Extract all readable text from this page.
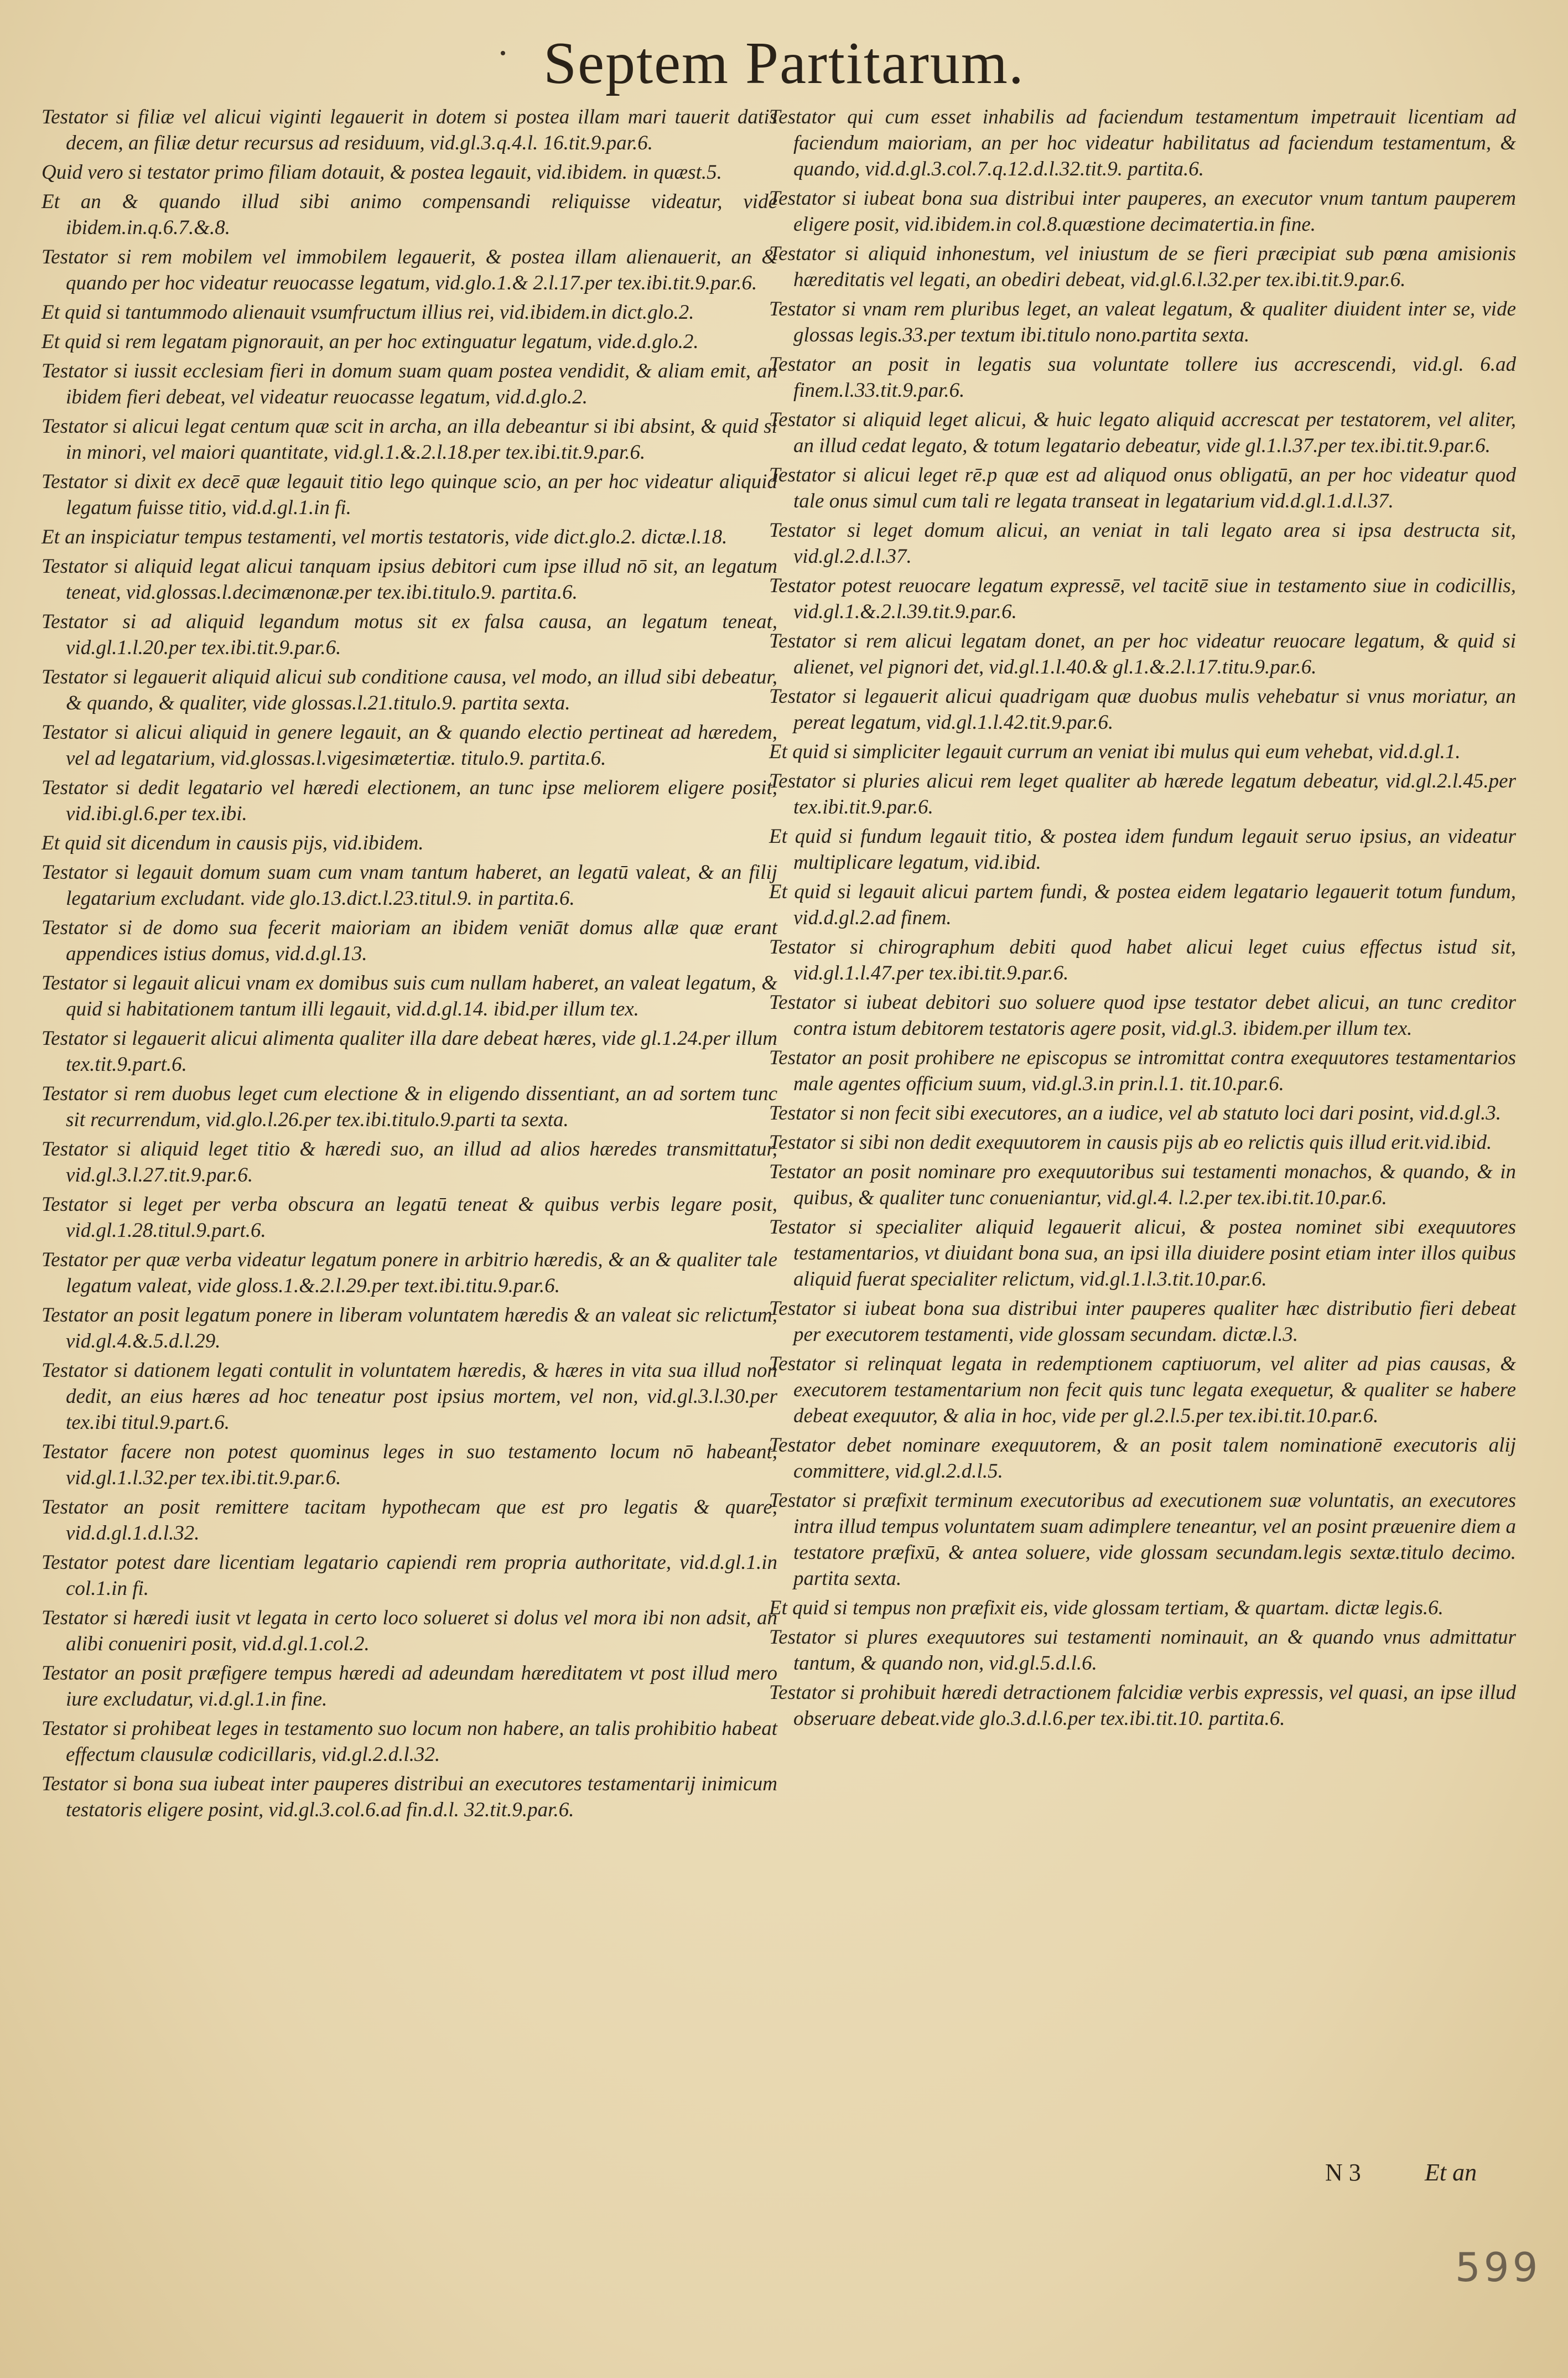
Septem Partitarum.

Testator si filiæ vel alicui viginti legauerit in dotem si postea illam mari tauerit datis decem, an filiæ detur recursus ad residuum, vid.gl.3.q.4.l. 16.tit.9.par.6.

Quid vero si testator primo filiam dotauit, & postea legauit, vid.ibidem. in quæst.5.

Et an & quando illud sibi animo compensandi reliquisse videatur, vide ibidem.in.q.6.7.&.8.

Testator si rem mobilem vel immobilem legauerit, & postea illam alienauerit, an & quando per hoc videatur reuocasse legatum, vid.glo.1.& 2.l.17.per tex.ibi.tit.9.par.6.

Et quid si tantummodo alienauit vsumfructum illius rei, vid.ibidem.in dict.glo.2.

Et quid si rem legatam pignorauit, an per hoc extinguatur legatum, vide.d.glo.2.

Testator si iussit ecclesiam fieri in domum suam quam postea vendidit, & aliam emit, an ibidem fieri debeat, vel videatur reuocasse legatum, vid.d.glo.2.

Testator si alicui legat centum quæ scit in archa, an illa debeantur si ibi absint, & quid si in minori, vel maiori quantitate, vid.gl.1.&.2.l.18.per tex.ibi.tit.9.par.6.

Testator si dixit ex decē quæ legauit titio lego quinque scio, an per hoc videatur aliquid legatum fuisse titio, vid.d.gl.1.in fi.

Et an inspiciatur tempus testamenti, vel mortis testatoris, vide dict.glo.2. dictæ.l.18.

Testator si aliquid legat alicui tanquam ipsius debitori cum ipse illud nō sit, an legatum teneat, vid.glossas.l.decimænonæ.per tex.ibi.titulo.9. partita.6.

Testator si ad aliquid legandum motus sit ex falsa causa, an legatum teneat, vid.gl.1.l.20.per tex.ibi.tit.9.par.6.

Testator si legauerit aliquid alicui sub conditione causa, vel modo, an illud sibi debeatur, & quando, & qualiter, vide glossas.l.21.titulo.9. partita sexta.

Testator si alicui aliquid in genere legauit, an & quando electio pertineat ad hæredem, vel ad legatarium, vid.glossas.l.vigesimætertiæ. titulo.9. partita.6.

Testator si dedit legatario vel hæredi electionem, an tunc ipse meliorem eligere posit, vid.ibi.gl.6.per tex.ibi.

Et quid sit dicendum in causis pijs, vid.ibidem.

Testator si legauit domum suam cum vnam tantum haberet, an legatū valeat, & an filij legatarium excludant. vide glo.13.dict.l.23.titul.9. in partita.6.

Testator si de domo sua fecerit maioriam an ibidem veniāt domus allæ quæ erant appendices istius domus, vid.d.gl.13.

Testator si legauit alicui vnam ex domibus suis cum nullam haberet, an valeat legatum, & quid si habitationem tantum illi legauit, vid.d.gl.14. ibid.per illum tex.

Testator si legauerit alicui alimenta qualiter illa dare debeat hæres, vide gl.1.24.per illum tex.tit.9.part.6.

Testator si rem duobus leget cum electione & in eligendo dissentiant, an ad sortem tunc sit recurrendum, vid.glo.l.26.per tex.ibi.titulo.9.parti ta sexta.

Testator si aliquid leget titio & hæredi suo, an illud ad alios hæredes transmittatur, vid.gl.3.l.27.tit.9.par.6.

Testator si leget per verba obscura an legatū teneat & quibus verbis legare posit, vid.gl.1.28.titul.9.part.6.

Testator per quæ verba videatur legatum ponere in arbitrio hæredis, & an & qualiter tale legatum valeat, vide gloss.1.&.2.l.29.per text.ibi.titu.9.par.6.

Testator an posit legatum ponere in liberam voluntatem hæredis & an valeat sic relictum, vid.gl.4.&.5.d.l.29.

Testator si dationem legati contulit in voluntatem hæredis, & hæres in vita sua illud non dedit, an eius hæres ad hoc teneatur post ipsius mortem, vel non, vid.gl.3.l.30.per tex.ibi titul.9.part.6.

Testator facere non potest quominus leges in suo testamento locum nō habeant, vid.gl.1.l.32.per tex.ibi.tit.9.par.6.

Testator an posit remittere tacitam hypothecam que est pro legatis & quare, vid.d.gl.1.d.l.32.

Testator potest dare licentiam legatario capiendi rem propria authoritate, vid.d.gl.1.in col.1.in fi.

Testator si hæredi iusit vt legata in certo loco solueret si dolus vel mora ibi non adsit, an alibi conueniri posit, vid.d.gl.1.col.2.

Testator an posit præfigere tempus hæredi ad adeundam hæreditatem vt post illud mero iure excludatur, vi.d.gl.1.in fine.

Testator si prohibeat leges in testamento suo locum non habere, an talis prohibitio habeat effectum clausulæ codicillaris, vid.gl.2.d.l.32.

Testator si bona sua iubeat inter pauperes distribui an executores testamentarij inimicum testatoris eligere posint, vid.gl.3.col.6.ad fin.d.l. 32.tit.9.par.6.

Testator qui cum esset inhabilis ad faciendum testamentum impetrauit licentiam ad faciendum maioriam, an per hoc videatur habilitatus ad faciendum testamentum, & quando, vid.d.gl.3.col.7.q.12.d.l.32.tit.9. partita.6.

Testator si iubeat bona sua distribui inter pauperes, an executor vnum tantum pauperem eligere posit, vid.ibidem.in col.8.quæstione decimatertia.in fine.

Testator si aliquid inhonestum, vel iniustum de se fieri præcipiat sub pœna amisionis hæreditatis vel legati, an obediri debeat, vid.gl.6.l.32.per tex.ibi.tit.9.par.6.

Testator si vnam rem pluribus leget, an valeat legatum, & qualiter diuident inter se, vide glossas legis.33.per textum ibi.titulo nono.partita sexta.

Testator an posit in legatis sua voluntate tollere ius accrescendi, vid.gl. 6.ad finem.l.33.tit.9.par.6.

Testator si aliquid leget alicui, & huic legato aliquid accrescat per testatorem, vel aliter, an illud cedat legato, & totum legatario debeatur, vide gl.1.l.37.per tex.ibi.tit.9.par.6.

Testator si alicui leget rē.p quæ est ad aliquod onus obligatū, an per hoc videatur quod tale onus simul cum tali re legata transeat in legatarium vid.d.gl.1.d.l.37.

Testator si leget domum alicui, an veniat in tali legato area si ipsa destructa sit, vid.gl.2.d.l.37.

Testator potest reuocare legatum expressē, vel tacitē siue in testamento siue in codicillis, vid.gl.1.&.2.l.39.tit.9.par.6.

Testator si rem alicui legatam donet, an per hoc videatur reuocare legatum, & quid si alienet, vel pignori det, vid.gl.1.l.40.& gl.1.&.2.l.17.titu.9.par.6.

Testator si legauerit alicui quadrigam quæ duobus mulis vehebatur si vnus moriatur, an pereat legatum, vid.gl.1.l.42.tit.9.par.6.

Et quid si simpliciter legauit currum an veniat ibi mulus qui eum vehebat, vid.d.gl.1.

Testator si pluries alicui rem leget qualiter ab hærede legatum debeatur, vid.gl.2.l.45.per tex.ibi.tit.9.par.6.

Et quid si fundum legauit titio, & postea idem fundum legauit seruo ipsius, an videatur multiplicare legatum, vid.ibid.

Et quid si legauit alicui partem fundi, & postea eidem legatario legauerit totum fundum, vid.d.gl.2.ad finem.

Testator si chirographum debiti quod habet alicui leget cuius effectus istud sit, vid.gl.1.l.47.per tex.ibi.tit.9.par.6.

Testator si iubeat debitori suo soluere quod ipse testator debet alicui, an tunc creditor contra istum debitorem testatoris agere posit, vid.gl.3. ibidem.per illum tex.

Testator an posit prohibere ne episcopus se intromittat contra exequutores testamentarios male agentes officium suum, vid.gl.3.in prin.l.1. tit.10.par.6.

Testator si non fecit sibi executores, an a iudice, vel ab statuto loci dari posint, vid.d.gl.3.

Testator si sibi non dedit exequutorem in causis pijs ab eo relictis quis illud erit.vid.ibid.

Testator an posit nominare pro exequutoribus sui testamenti monachos, & quando, & in quibus, & qualiter tunc conueniantur, vid.gl.4. l.2.per tex.ibi.tit.10.par.6.

Testator si specialiter aliquid legauerit alicui, & postea nominet sibi exequutores testamentarios, vt diuidant bona sua, an ipsi illa diuidere posint etiam inter illos quibus aliquid fuerat specialiter relictum, vid.gl.1.l.3.tit.10.par.6.

Testator si iubeat bona sua distribui inter pauperes qualiter hæc distributio fieri debeat per executorem testamenti, vide glossam secundam. dictæ.l.3.

Testator si relinquat legata in redemptionem captiuorum, vel aliter ad pias causas, & executorem testamentarium non fecit quis tunc legata exequetur, & qualiter se habere debeat exequutor, & alia in hoc, vide per gl.2.l.5.per tex.ibi.tit.10.par.6.

Testator debet nominare exequutorem, & an posit talem nominationē executoris alij committere, vid.gl.2.d.l.5.

Testator si præfixit terminum executoribus ad executionem suæ voluntatis, an executores intra illud tempus voluntatem suam adimplere teneantur, vel an posint præuenire diem a testatore præfixū, & antea soluere, vide glossam secundam.legis sextæ.titulo decimo. partita sexta.

Et quid si tempus non præfixit eis, vide glossam tertiam, & quartam. dictæ legis.6.

Testator si plures exequutores sui testamenti nominauit, an & quando vnus admittatur tantum, & quando non, vid.gl.5.d.l.6.

Testator si prohibuit hæredi detractionem falcidiæ verbis expressis, vel quasi, an ipse illud obseruare debeat.vide glo.3.d.l.6.per tex.ibi.tit.10. partita.6.

N 3	Et an
599
